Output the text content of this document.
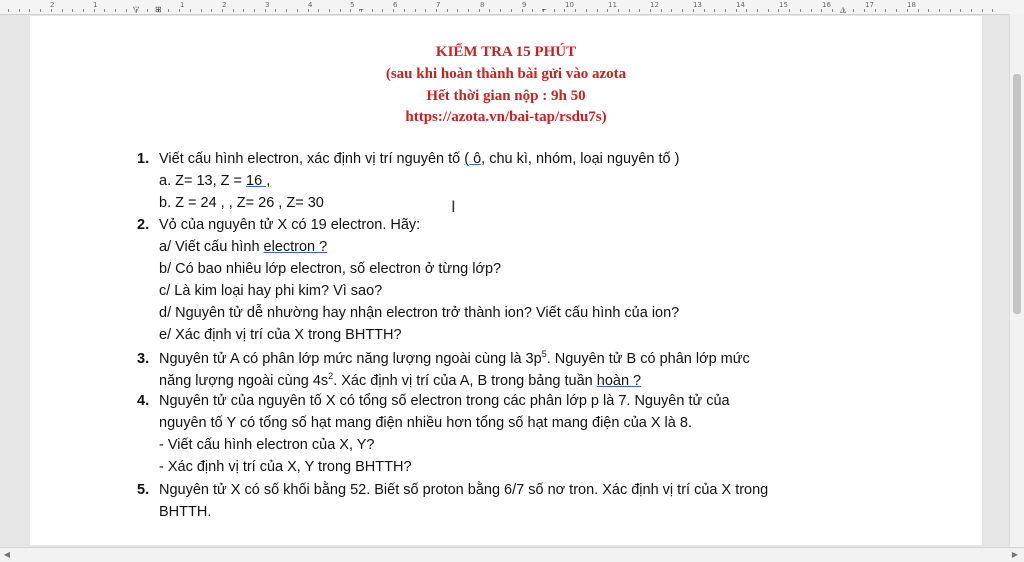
2	1	1	2	3	4	5	6	7	8	9	10	11	12	13	14	15	16	17	18
▽ ⊞	⌐	⌐	△
KIỂM TRA 15 PHÚT
(sau khi hoàn thành bài gửi vào azota
Hết thời gian nộp : 9h 50
https://azota.vn/bai-tap/rsdu7s)
1. Viết cấu hình electron, xác định vị trí nguyên tố ( ô, chu kì, nhóm, loại nguyên tố )
a. Z= 13, Z = 16 ,
b. Z = 24 , , Z= 26 , Z= 30
2. Vỏ của nguyên tử X có 19 electron. Hãy:
a/ Viết cấu hình electron ?
b/ Có bao nhiêu lớp electron, số electron ở từng lớp?
c/ Là kim loại hay phi kim? Vì sao?
d/ Nguyên tử dễ nhường hay nhận electron trở thành ion? Viết cấu hình của ion?
e/ Xác định vị trí của X trong BHTTH?
3. Nguyên tử A có phân lớp mức năng lượng ngoài cùng là $3p^5$. Nguyên tử B có phân lớp mức
năng lượng ngoài cùng $4s^2$. Xác định vị trí của A, B trong bảng tuần hoàn ?
4. Nguyên tử của nguyên tố X có tổng số electron trong các phân lớp p là 7. Nguyên tử của
nguyên tố Y có tổng số hạt mang điện nhiều hơn tổng số hạt mang điện của X là 8.
- Viết cấu hình electron của X, Y?
- Xác định vị trí của X, Y trong BHTTH?
5. Nguyên tử X có số khối bằng 52. Biết số proton bằng 6/7 số nơ tron. Xác định vị trí của X trong
BHTTH.
I
◀	▶
